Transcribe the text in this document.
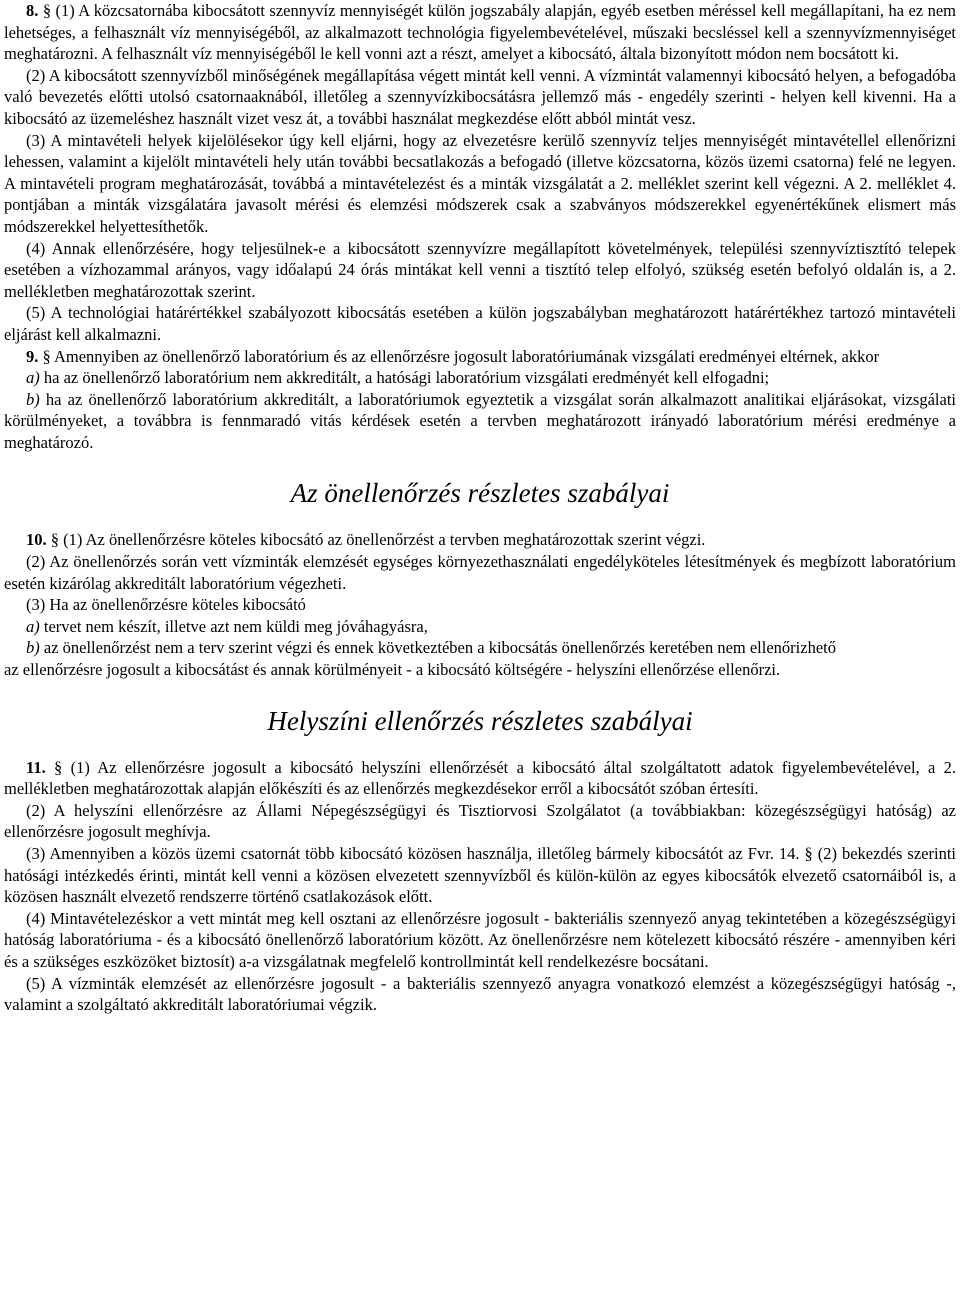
8. § (1) A közcsatornába kibocsátott szennyvíz mennyiségét külön jogszabály alapján, egyéb esetben méréssel kell megállapítani, ha ez nem lehetséges, a felhasznált víz mennyiségéből, az alkalmazott technológia figyelembevételével, műszaki becsléssel kell a szennyvízmennyiséget meghatározni. A felhasznált víz mennyiségéből le kell vonni azt a részt, amelyet a kibocsátó, általa bizonyított módon nem bocsátott ki.

(2) A kibocsátott szennyvízből minőségének megállapítása végett mintát kell venni. A vízmintát valamennyi kibocsátó helyen, a befogadóba való bevezetés előtti utolsó csatornaaknából, illetőleg a szennyvízkibocsátásra jellemző más - engedély szerinti - helyen kell kivenni. Ha a kibocsátó az üzemeléshez használt vizet vesz át, a további használat megkezdése előtt abból mintát vesz.

(3) A mintavételi helyek kijelölésekor úgy kell eljárni, hogy az elvezetésre kerülő szennyvíz teljes mennyiségét mintavétellel ellenőrizni lehessen, valamint a kijelölt mintavételi hely után további becsatlakozás a befogadó (illetve közcsatorna, közös üzemi csatorna) felé ne legyen. A mintavételi program meghatározását, továbbá a mintavételezést és a minták vizsgálatát a 2. melléklet szerint kell végezni. A 2. melléklet 4. pontjában a minták vizsgálatára javasolt mérési és elemzési módszerek csak a szabványos módszerekkel egyenértékűnek elismert más módszerekkel helyettesíthetők.

(4) Annak ellenőrzésére, hogy teljesülnek-e a kibocsátott szennyvízre megállapított követelmények, települési szennyvíztisztító telepek esetében a vízhozammal arányos, vagy időalapú 24 órás mintákat kell venni a tisztító telep elfolyó, szükség esetén befolyó oldalán is, a 2. mellékletben meghatározottak szerint.

(5) A technológiai határértékkel szabályozott kibocsátás esetében a külön jogszabályban meghatározott határértékhez tartozó mintavételi eljárást kell alkalmazni.

9. § Amennyiben az önellenőrző laboratórium és az ellenőrzésre jogosult laboratóriumának vizsgálati eredményei eltérnek, akkor

a) ha az önellenőrző laboratórium nem akkreditált, a hatósági laboratórium vizsgálati eredményét kell elfogadni;

b) ha az önellenőrző laboratórium akkreditált, a laboratóriumok egyeztetik a vizsgálat során alkalmazott analitikai eljárásokat, vizsgálati körülményeket, a továbbra is fennmaradó vitás kérdések esetén a tervben meghatározott irányadó laboratórium mérési eredménye a meghatározó.

Az önellenőrzés részletes szabályai

10. § (1) Az önellenőrzésre köteles kibocsátó az önellenőrzést a tervben meghatározottak szerint végzi.

(2) Az önellenőrzés során vett vízminták elemzését egységes környezethasználati engedélyköteles létesítmények és megbízott laboratórium esetén kizárólag akkreditált laboratórium végezheti.

(3) Ha az önellenőrzésre köteles kibocsátó

a) tervet nem készít, illetve azt nem küldi meg jóváhagyásra,

b) az önellenőrzést nem a terv szerint végzi és ennek következtében a kibocsátás önellenőrzés keretében nem ellenőrizhető

az ellenőrzésre jogosult a kibocsátást és annak körülményeit - a kibocsátó költségére - helyszíni ellenőrzése ellenőrzi.

Helyszíni ellenőrzés részletes szabályai

11. § (1) Az ellenőrzésre jogosult a kibocsátó helyszíni ellenőrzését a kibocsátó által szolgáltatott adatok figyelembevételével, a 2. mellékletben meghatározottak alapján előkészíti és az ellenőrzés megkezdésekor erről a kibocsátót szóban értesíti.

(2) A helyszíni ellenőrzésre az Állami Népegészségügyi és Tisztiorvosi Szolgálatot (a továbbiakban: közegészségügyi hatóság) az ellenőrzésre jogosult meghívja.

(3) Amennyiben a közös üzemi csatornát több kibocsátó közösen használja, illetőleg bármely kibocsátót az Fvr. 14. § (2) bekezdés szerinti hatósági intézkedés érinti, mintát kell venni a közösen elvezetett szennyvízből és külön-külön az egyes kibocsátók elvezető csatornáiból is, a közösen használt elvezető rendszerre történő csatlakozások előtt.

(4) Mintavételezéskor a vett mintát meg kell osztani az ellenőrzésre jogosult - bakteriális szennyező anyag tekintetében a közegészségügyi hatóság laboratóriuma - és a kibocsátó önellenőrző laboratórium között. Az önellenőrzésre nem kötelezett kibocsátó részére - amennyiben kéri és a szükséges eszközöket biztosít) a-a vizsgálatnak megfelelő kontrollmintát kell rendelkezésre bocsátani.

(5) A vízminták elemzését az ellenőrzésre jogosult - a bakteriális szennyező anyagra vonatkozó elemzést a közegészségügyi hatóság -, valamint a szolgáltató akkreditált laboratóriumai végzik.
